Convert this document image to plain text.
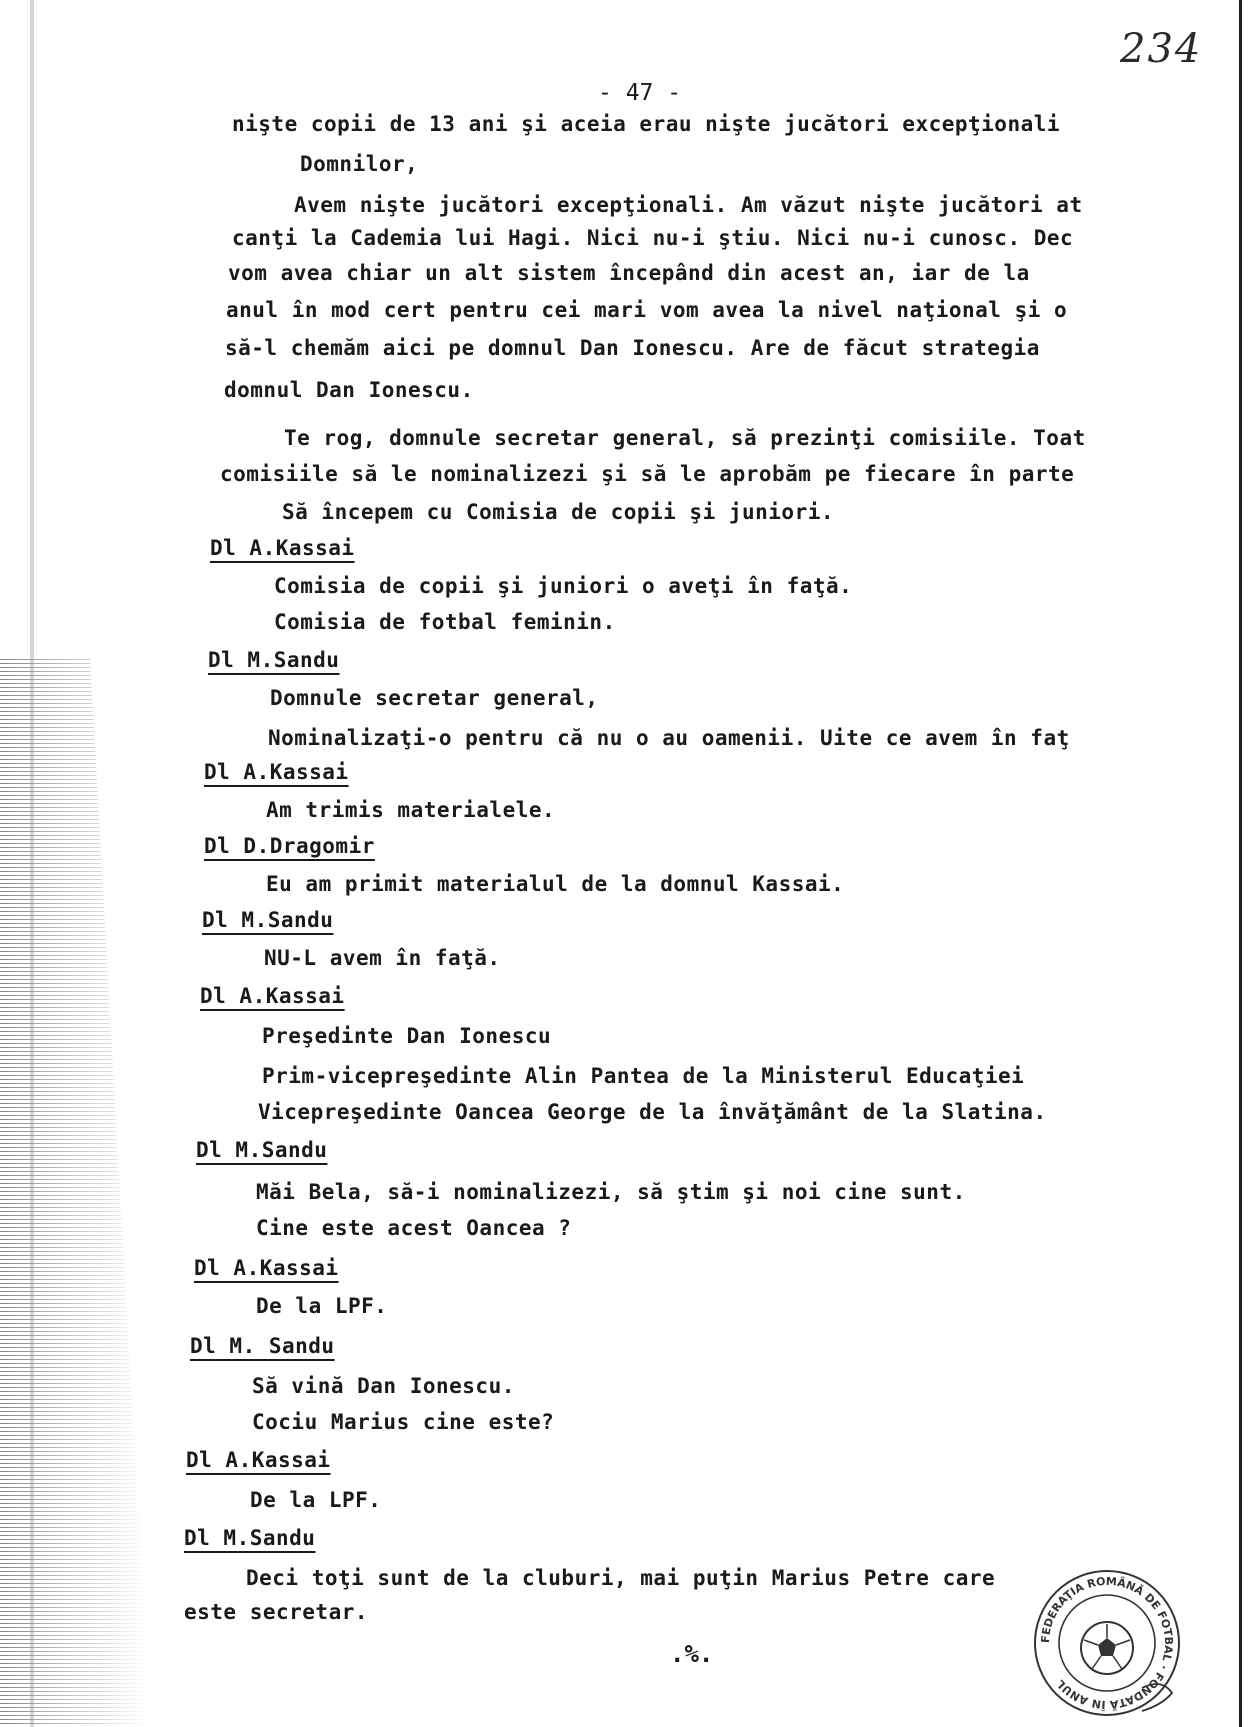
234
- 47 -
nişte copii de 13 ani şi aceia erau nişte jucători excepţionali
Domnilor,
Avem nişte jucători excepţionali. Am văzut nişte jucători at
canţi la Cademia lui Hagi. Nici nu-i ştiu. Nici nu-i cunosc. Dec
vom avea chiar un alt sistem începând din acest an, iar de la
anul în mod cert pentru cei mari vom avea la nivel naţional şi o
să-l chemăm aici pe domnul Dan Ionescu. Are de făcut strategia
domnul Dan Ionescu.
Te rog, domnule secretar general, să prezinţi comisiile. Toat
comisiile să le nominalizezi şi să le aprobăm pe fiecare în parte
Să începem cu Comisia de copii şi juniori.
Dl A.Kassai
Comisia de copii şi juniori o aveţi în faţă.
Comisia de fotbal feminin.
Dl M.Sandu
Domnule secretar general,
Nominalizaţi-o pentru că nu o au oamenii. Uite ce avem în faţ
Dl A.Kassai
Am trimis materialele.
Dl D.Dragomir
Eu am primit materialul de la domnul Kassai.
Dl M.Sandu
NU-L avem în faţă.
Dl A.Kassai
Preşedinte Dan Ionescu
Prim-vicepreşedinte Alin Pantea de la Ministerul Educaţiei
Vicepreşedinte Oancea George de la învăţământ de la Slatina.
Dl M.Sandu
Măi Bela, să-i nominalizezi, să ştim şi noi cine sunt.
Cine este acest Oancea ?
Dl A.Kassai
De la LPF.
Dl M. Sandu
Să vină Dan Ionescu.
Cociu Marius cine este?
Dl A.Kassai
De la LPF.
Dl M.Sandu
Deci toţi sunt de la cluburi, mai puţin Marius Petre care
este secretar.
FEDERAŢIA ROMÂNĂ DE FOTBAL · FONDATĂ ÎN ANUL
.%.
